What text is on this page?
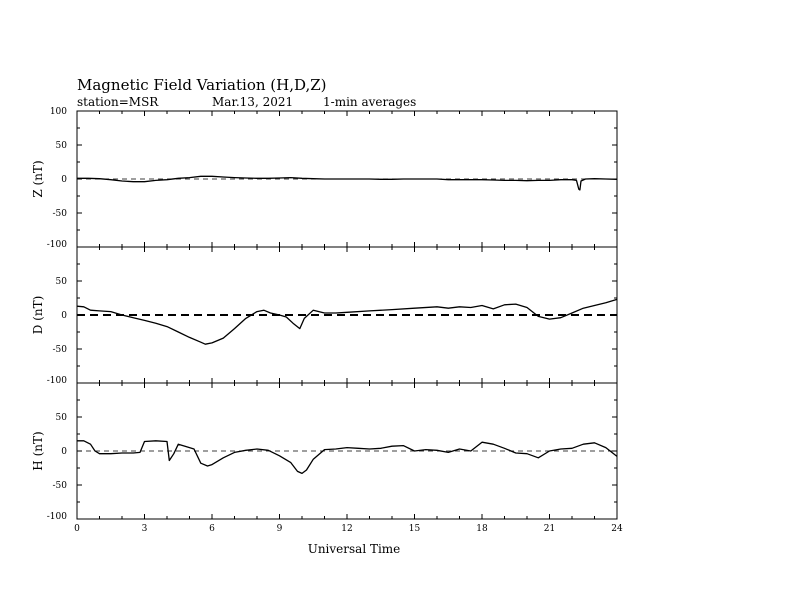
Magnetic Field Variation (H,D,Z)
station=MSR	Mar.13, 2021 1-min averages
100
50
0
-50
-100
Z (nT)
50
0
-50
-100
D (nT)
50
0
-50
-100
H (nT)
0	3	6	9	12	15	18	21	24
Universal Time
